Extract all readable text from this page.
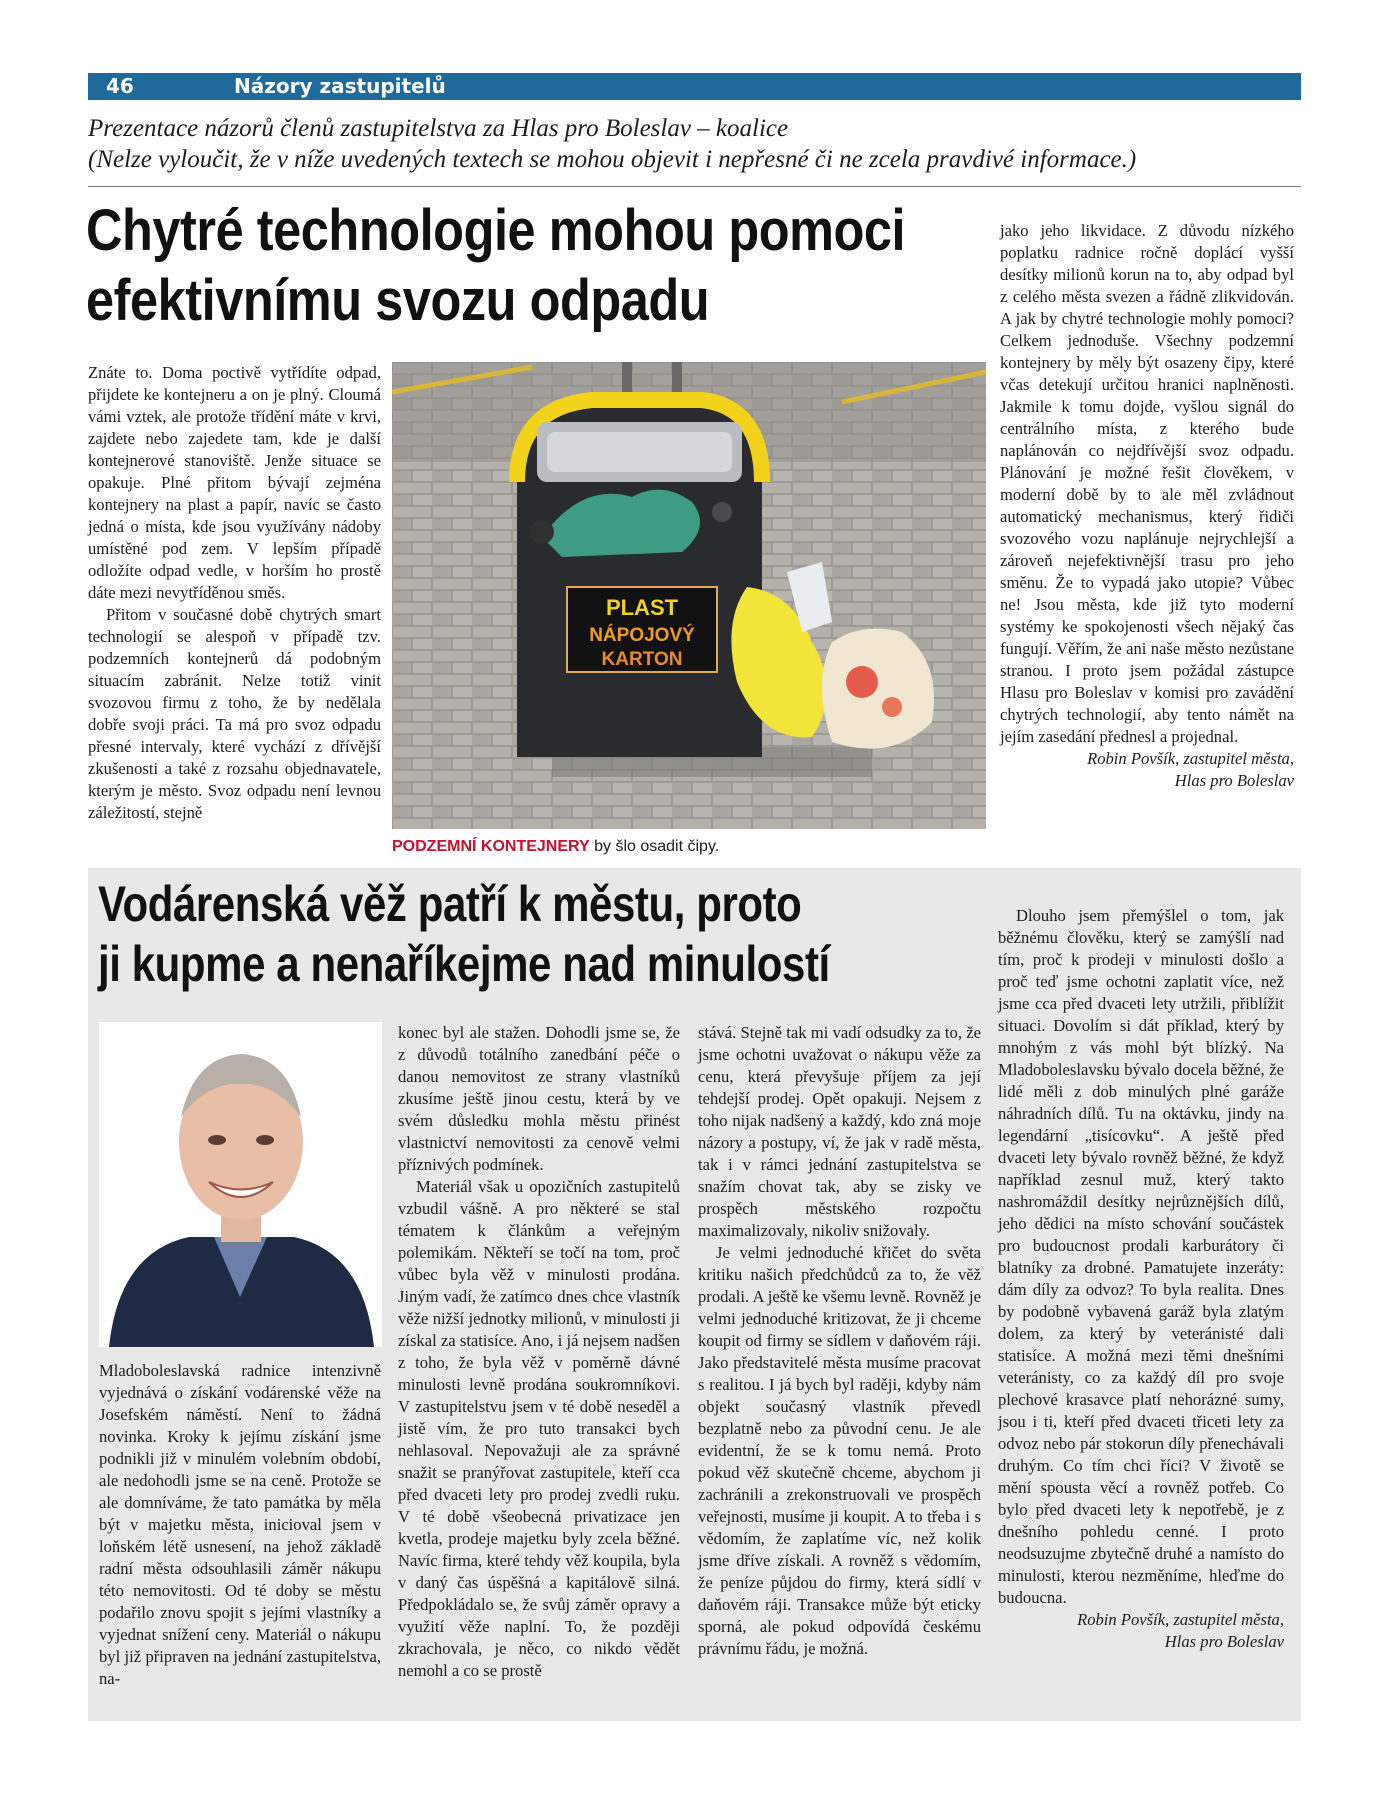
46	Názory zastupitelů
Prezentace názorů členů zastupitelstva za Hlas pro Boleslav – koalice
(Nelze vyloučit, že v níže uvedených textech se mohou objevit i nepřesné či ne zcela pravdivé informace.)
Chytré technologie mohou pomoci
efektivnímu svozu odpadu

Znáte to. Doma poctivě vytřídíte odpad, přijdete ke kontejneru a on je plný. Cloumá vámi vztek, ale protože třídění máte v krvi, zajdete nebo zajedete tam, kde je další kontejnerové stanoviště. Jenže situace se opakuje. Plné přitom bývají zejména kontejnery na plast a papír, navíc se často jedná o místa, kde jsou využívány nádoby umístěné pod zem. V lepším případě odložíte odpad vedle, v horším ho prostě dáte mezi nevytříděnou směs.

Přitom v současné době chytrých smart technologií se alespoň v případě tzv. podzemních kontejnerů dá podobným situacím zabránit. Nelze totiž vinit svozovou firmu z toho, že by nedělala dobře svoji práci. Ta má pro svoz odpadu přesné intervaly, které vychází z dřívější zkušenosti a také z rozsahu objednavatele, kterým je město. Svoz odpadu není levnou záležitostí, stejně

PLAST
NÁPOJOVÝ
KARTON
PODZEMNÍ KONTEJNERY by šlo osadit čipy.

jako jeho likvidace. Z důvodu nízkého poplatku radnice ročně doplácí vyšší desítky milionů korun na to, aby odpad byl z celého města svezen a řádně zlikvidován. A jak by chytré technologie mohly pomoci? Celkem jednoduše. Všechny podzemní kontejnery by měly být osazeny čipy, které včas detekují určitou hranici naplněnosti. Jakmile k tomu dojde, vyšlou signál do centrálního místa, z kterého bude naplánován co nejdřívější svoz odpadu. Plánování je možné řešit člověkem, v moderní době by to ale měl zvládnout automatický mechanismus, který řidiči svozového vozu naplánuje nejrychlejší a zároveň nejefektivnější trasu pro jeho směnu. Že to vypadá jako utopie? Vůbec ne! Jsou města, kde již tyto moderní systémy ke spokojenosti všech nějaký čas fungují. Věřím, že ani naše město nezůstane stranou. I proto jsem požádal zástupce Hlasu pro Boleslav v komisi pro zavádění chytrých technologií, aby tento námět na jejím zasedání přednesl a projednal.

Robin Povšík, zastupitel města,
Hlas pro Boleslav
Vodárenská věž patří k městu, proto
ji kupme a nenaříkejme nad minulostí

Mladoboleslavská radnice intenzivně vyjednává o získání vodárenské věže na Josefském náměstí. Není to žádná novinka. Kroky k jejímu získání jsme podnikli již v minulém volebním období, ale nedohodli jsme se na ceně. Protože se ale domníváme, že tato památka by měla být v majetku města, inicioval jsem v loňském létě usnesení, na jehož základě radní města odsouhlasili záměr nákupu této nemovitosti. Od té doby se městu podařilo znovu spojit s jejími vlastníky a vyjednat snížení ceny. Materiál o nákupu byl již připraven na jednání zastupitelstva, na-

konec byl ale stažen. Dohodli jsme se, že z důvodů totálního zanedbání péče o danou nemovitost ze strany vlastníků zkusíme ještě jinou cestu, která by ve svém důsledku mohla městu přinést vlastnictví nemovitosti za cenově velmi příznivých podmínek.

Materiál však u opozičních zastupitelů vzbudil vášně. A pro některé se stal tématem k článkům a veřejným polemikám. Někteří se točí na tom, proč vůbec byla věž v minulosti prodána. Jiným vadí, že zatímco dnes chce vlastník věže nižší jednotky milionů, v minulosti ji získal za statisíce. Ano, i já nejsem nadšen z toho, že byla věž v poměrně dávné minulosti levně prodána soukromníkovi. V zastupitelstvu jsem v té době neseděl a jistě vím, že pro tuto transakci bych nehlasoval. Nepovažuji ale za správné snažit se pranýřovat zastupitele, kteří cca před dvaceti lety pro prodej zvedli ruku. V té době všeobecná privatizace jen kvetla, prodeje majetku byly zcela běžné. Navíc firma, které tehdy věž koupila, byla v daný čas úspěšná a kapitálově silná. Předpokládalo se, že svůj záměr opravy a využití věže naplní. To, že později zkrachovala, je něco, co nikdo vědět nemohl a co se prostě

stává. Stejně tak mi vadí odsudky za to, že jsme ochotni uvažovat o nákupu věže za cenu, která převyšuje příjem za její tehdejší prodej. Opět opakuji. Nejsem z toho nijak nadšený a každý, kdo zná moje názory a postupy, ví, že jak v radě města, tak i v rámci jednání zastupitelstva se snažím chovat tak, aby se zisky ve prospěch městského rozpočtu maximalizovaly, nikoliv snižovaly.

Je velmi jednoduché křičet do světa kritiku našich předchůdců za to, že věž prodali. A ještě ke všemu levně. Rovněž je velmi jednoduché kritizovat, že ji chceme koupit od firmy se sídlem v daňovém ráji. Jako představitelé města musíme pracovat s realitou. I já bych byl raději, kdyby nám objekt současný vlastník převedl bezplatně nebo za původní cenu. Je ale evidentní, že se k tomu nemá. Proto pokud věž skutečně chceme, abychom ji zachránili a zrekonstruovali ve prospěch veřejnosti, musíme ji koupit. A to třeba i s vědomím, že zaplatíme víc, než kolik jsme dříve získali. A rovněž s vědomím, že peníze půjdou do firmy, která sídlí v daňovém ráji. Transakce může být eticky sporná, ale pokud odpovídá českému právnímu řádu, je možná.

Dlouho jsem přemýšlel o tom, jak běžnému člověku, který se zamýšlí nad tím, proč k prodeji v minulosti došlo a proč teď jsme ochotni zaplatit více, než jsme cca před dvaceti lety utržili, přiblížit situaci. Dovolím si dát příklad, který by mnohým z vás mohl být blízký. Na Mladoboleslavsku bývalo docela běžné, že lidé měli z dob minulých plné garáže náhradních dílů. Tu na oktávku, jindy na legendární „tisícovku“. A ještě před dvaceti lety bývalo rovněž běžné, že když například zesnul muž, který takto nashromáždil desítky nejrůznějších dílů, jeho dědici na místo schování součástek pro budoucnost prodali karburátory či blatníky za drobné. Pamatujete inzeráty: dám díly za odvoz? To byla realita. Dnes by podobně vybavená garáž byla zlatým dolem, za který by veteránisté dali statisíce. A možná mezi těmi dnešními veteránisty, co za každý díl pro svoje plechové krasavce platí nehorázné sumy, jsou i ti, kteří před dvaceti třiceti lety za odvoz nebo pár stokorun díly přenechávali druhým. Co tím chci říci? V životě se mění spousta věcí a rovněž potřeb. Co bylo před dvaceti lety k nepotřebě, je z dnešního pohledu cenné. I proto neodsuzujme zbytečně druhé a namísto do minulosti, kterou nezměníme, hleďme do budoucna.

Robin Povšík, zastupitel města,
Hlas pro Boleslav
